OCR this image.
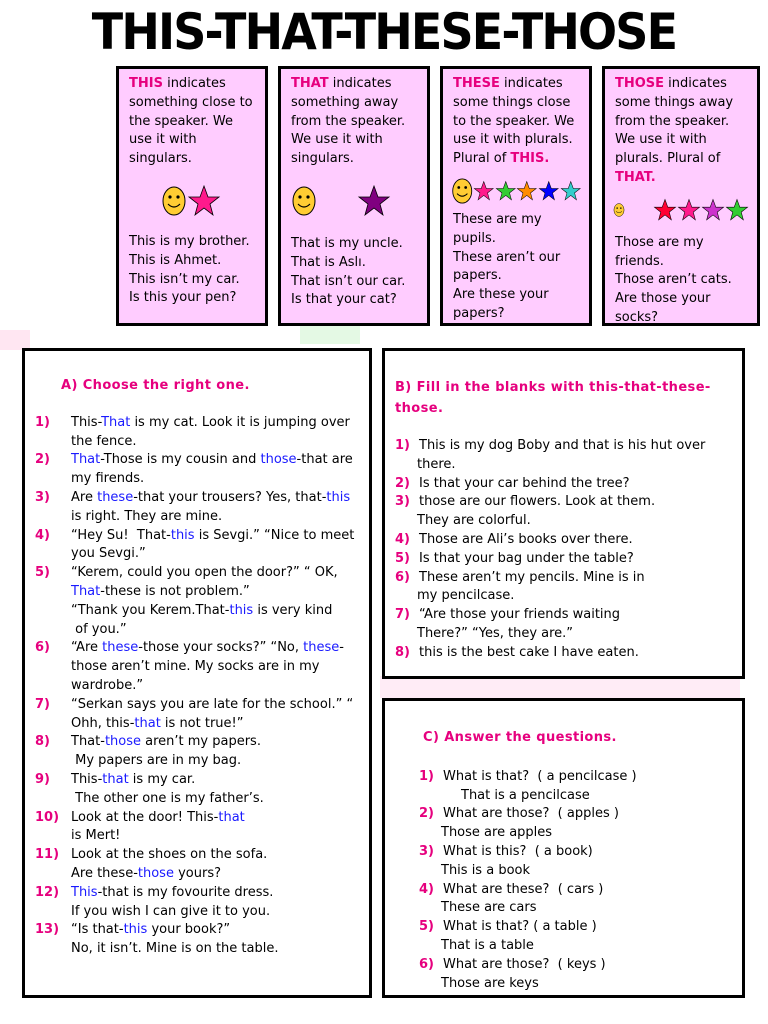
THIS-THAT-THESE-THOSE

THIS indicates something close to the speaker. We use it with singulars.

This is my brother.
This is Ahmet.
This isn’t my car.
Is this your pen?

THAT indicates something away from the speaker. We use it with singulars.

That is my uncle.
That is Aslı.
That isn’t our car.
Is that your cat?

THESE indicates some things close to the speaker. We use it with plurals. Plural of THIS.

These are my
pupils.
These aren’t our
papers.
Are these your
papers?

THOSE indicates some things away from the speaker. We use it with plurals. Plural of THAT.

Those are my
friends.
Those aren’t cats.
Are those your
socks?

A) Choose the right one.

1) This-That is my cat. Look it is jumping over
the fence.
2) That-Those is my cousin and those-that are
my firends.
3) Are these-that your trousers? Yes, that-this
is right. They are mine.
4) “Hey Su!  That-this is Sevgi.” “Nice to meet
you Sevgi.”
5) “Kerem, could you open the door?” “ OK,
That-these is not problem.”
“Thank you Kerem.That-this is very kind
of you.”
6) “Are these-those your socks?” “No, these-
those aren’t mine. My socks are in my
wardrobe.”
7) “Serkan says you are late for the school.” “
Ohh, this-that is not true!”
8) That-those aren’t my papers.
My papers are in my bag.
9) This-that is my car.
The other one is my father’s.
10) Look at the door! This-that
is Mert!
11) Look at the shoes on the sofa.
Are these-those yours?
12) This-that is my fovourite dress.
If you wish I can give it to you.
13) “Is that-this your book?”
No, it isn’t. Mine is on the table.

B) Fill in the blanks with this-that-these-those.

1) This is my dog Boby and that is his hut over
there.
2) Is that your car behind the tree?
3) those are our flowers. Look at them.
They are colorful.
4) Those are Ali’s books over there.
5) Is that your bag under the table?
6) These aren’t my pencils. Mine is in
my pencilcase.
7) “Are those your friends waiting
There?” “Yes, they are.”
8) this is the best cake I have eaten.

C) Answer the questions.

1) What is that?  ( a pencilcase )
That is a pencilcase
2) What are those?  ( apples )
Those are apples
3) What is this?  ( a book)
This is a book
4) What are these?  ( cars )
These are cars
5) What is that? ( a table )
That is a table
6) What are those?  ( keys )
Those are keys
